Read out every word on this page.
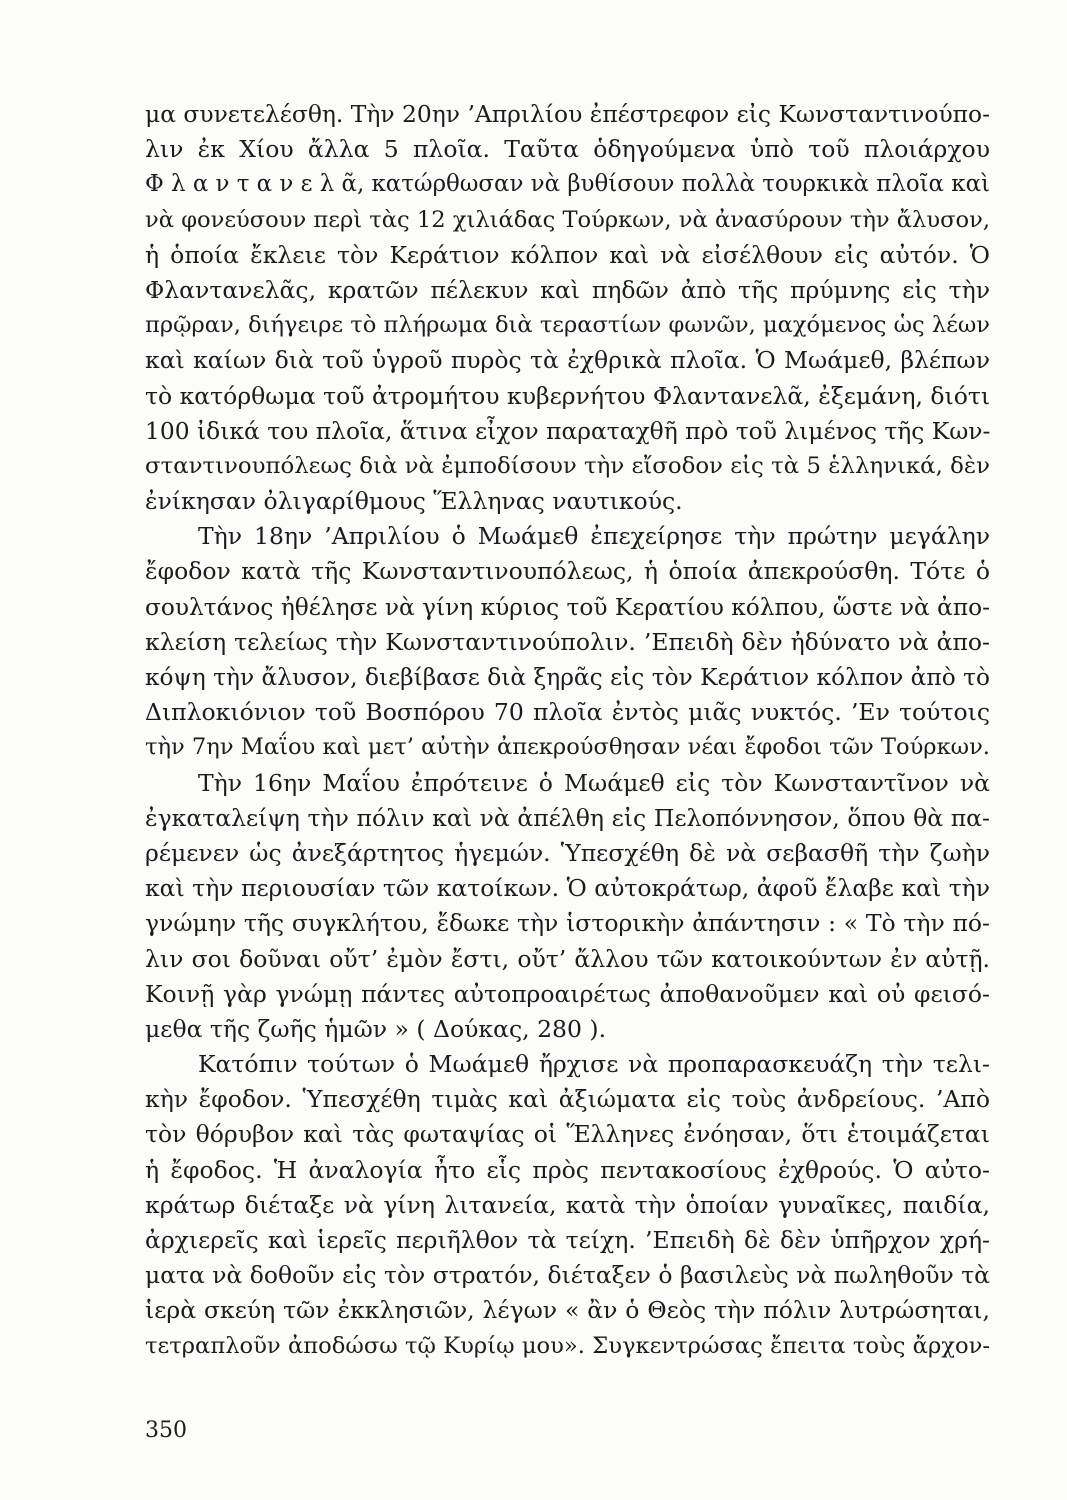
μα συνετελέσθη. Τὴν 20ην ’Απριλίου ἐπέστρεφον εἰς Κωνσταντινούπο-
λιν ἐκ Χίου ἄλλα 5 πλοῖα. Ταῦτα ὁδηγούμενα ὑπὸ τοῦ πλοιάρχου
Φ λ α ν τ α ν ε λ ᾶ, κατώρθωσαν νὰ βυθίσουν πολλὰ τουρκικὰ πλοῖα καὶ
νὰ φονεύσουν περὶ τὰς 12 χιλιάδας Τούρκων, νὰ ἀνασύρουν τὴν ἄλυσον,
ἡ ὁποία ἔκλειε τὸν Κεράτιον κόλπον καὶ νὰ εἰσέλθουν εἰς αὐτόν. Ὁ
Φλαντανελᾶς, κρατῶν πέλεκυν καὶ πηδῶν ἀπὸ τῆς πρύμνης εἰς τὴν
πρῷραν, διήγειρε τὸ πλήρωμα διὰ τεραστίων φωνῶν, μαχόμενος ὡς λέων
καὶ καίων διὰ τοῦ ὑγροῦ πυρὸς τὰ ἐχθρικὰ πλοῖα. Ὁ Μωάμεθ, βλέπων
τὸ κατόρθωμα τοῦ ἀτρομήτου κυβερνήτου Φλαντανελᾶ, ἐξεμάνη, διότι
100 ἰδικά του πλοῖα, ἅτινα εἶχον παραταχθῆ πρὸ τοῦ λιμένος τῆς Κων-
σταντινουπόλεως διὰ νὰ ἐμποδίσουν τὴν εἴσοδον εἰς τὰ 5 ἑλληνικά, δὲν
ἐνίκησαν ὀλιγαρίθμους Ἕλληνας ναυτικούς.
Τὴν 18ην ’Απριλίου ὁ Μωάμεθ ἐπεχείρησε τὴν πρώτην μεγάλην
ἔφοδον κατὰ τῆς Κωνσταντινουπόλεως, ἡ ὁποία ἀπεκρούσθη. Τότε ὁ
σουλτάνος ἠθέλησε νὰ γίνη κύριος τοῦ Κερατίου κόλπου, ὥστε νὰ ἀπο-
κλείση τελείως τὴν Κωνσταντινούπολιν. ’Επειδὴ δὲν ἠδύνατο νὰ ἀπο-
κόψη τὴν ἄλυσον, διεβίβασε διὰ ξηρᾶς εἰς τὸν Κεράτιον κόλπον ἀπὸ τὸ
Διπλοκιόνιον τοῦ Βοσπόρου 70 πλοῖα ἐντὸς μιᾶς νυκτός. ’Εν τούτοις
τὴν 7ην Μαΐου καὶ μετ’ αὐτὴν ἀπεκρούσθησαν νέαι ἔφοδοι τῶν Τούρκων.
Τὴν 16ην Μαΐου ἐπρότεινε ὁ Μωάμεθ εἰς τὸν Κωνσταντῖνον νὰ
ἐγκαταλείψη τὴν πόλιν καὶ νὰ ἀπέλθη εἰς Πελοπόννησον, ὅπου θὰ πα-
ρέμενεν ὡς ἀνεξάρτητος ἡγεμών. Ὑπεσχέθη δὲ νὰ σεβασθῆ τὴν ζωὴν
καὶ τὴν περιουσίαν τῶν κατοίκων. Ὁ αὐτοκράτωρ, ἀφοῦ ἔλαβε καὶ τὴν
γνώμην τῆς συγκλήτου, ἔδωκε τὴν ἱστορικὴν ἀπάντησιν : « Τὸ τὴν πό-
λιν σοι δοῦναι οὔτ’ ἐμὸν ἔστι, οὔτ’ ἄλλου τῶν κατοικούντων ἐν αὐτῇ.
Κοινῇ γὰρ γνώμῃ πάντες αὐτοπροαιρέτως ἀποθανοῦμεν καὶ οὐ φεισό-
μεθα τῆς ζωῆς ἡμῶν » ( Δούκας, 280 ).
Κατόπιν τούτων ὁ Μωάμεθ ἤρχισε νὰ προπαρασκευάζη τὴν τελι-
κὴν ἔφοδον. Ὑπεσχέθη τιμὰς καὶ ἀξιώματα εἰς τοὺς ἀνδρείους. ’Απὸ
τὸν θόρυβον καὶ τὰς φωταψίας οἱ Ἕλληνες ἐνόησαν, ὅτι ἑτοιμάζεται
ἡ ἔφοδος. Ἡ ἀναλογία ἦτο εἷς πρὸς πεντακοσίους ἐχθρούς. Ὁ αὐτο-
κράτωρ διέταξε νὰ γίνη λιτανεία, κατὰ τὴν ὁποίαν γυναῖκες, παιδία,
ἀρχιερεῖς καὶ ἱερεῖς περιῆλθον τὰ τείχη. ’Επειδὴ δὲ δὲν ὑπῆρχον χρή-
ματα νὰ δοθοῦν εἰς τὸν στρατόν, διέταξεν ὁ βασιλεὺς νὰ πωληθοῦν τὰ
ἱερὰ σκεύη τῶν ἐκκλησιῶν, λέγων « ἂν ὁ Θεὸς τὴν πόλιν λυτρώσηται,
τετραπλοῦν ἀποδώσω τῷ Κυρίῳ μου». Συγκεντρώσας ἔπειτα τοὺς ἄρχον-
350
